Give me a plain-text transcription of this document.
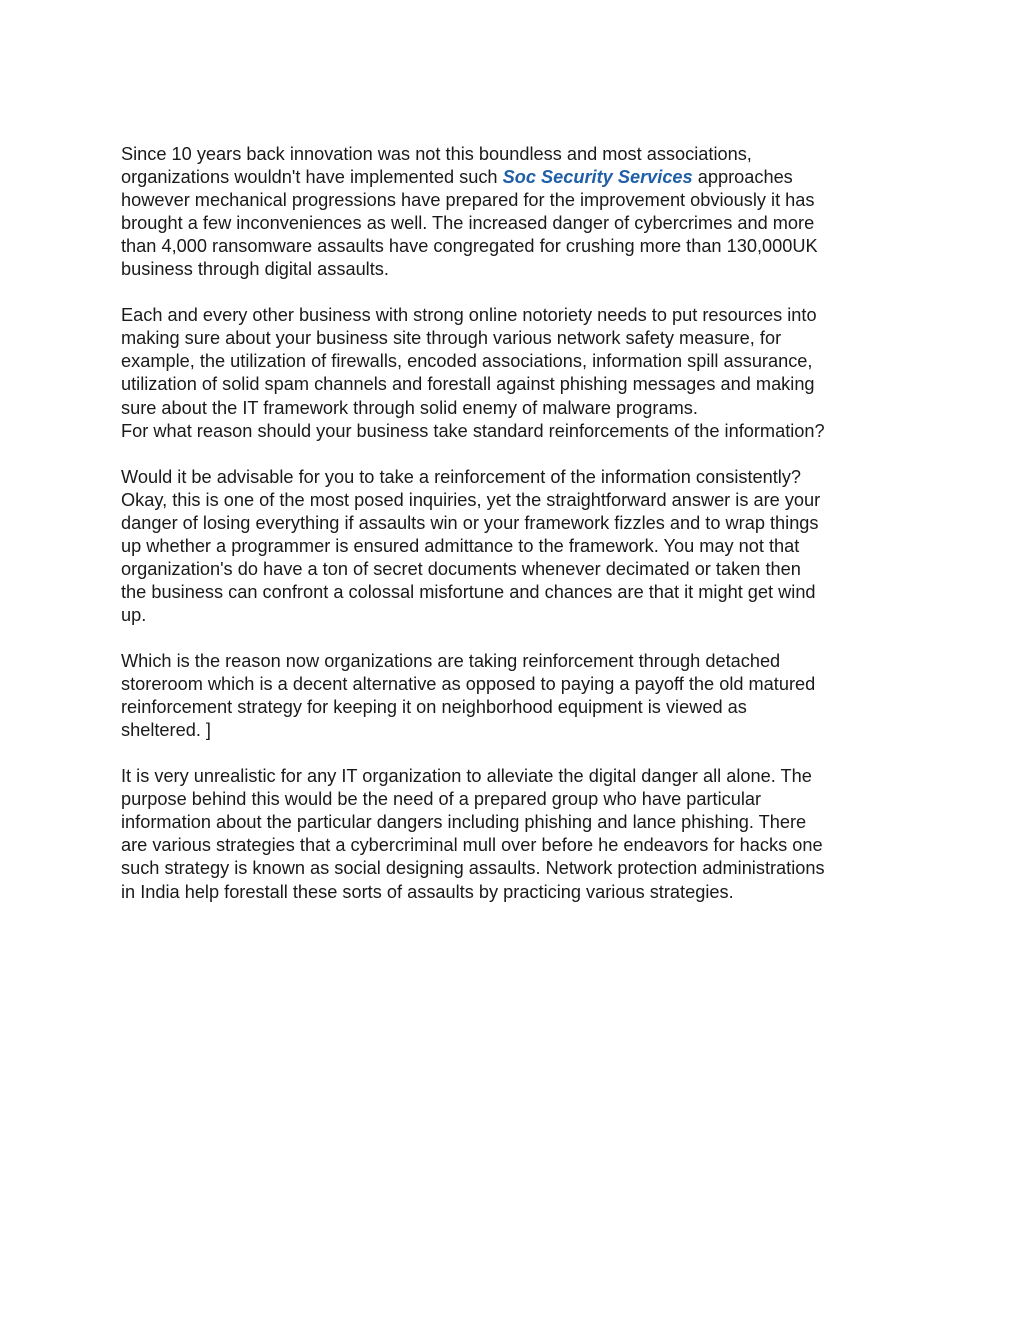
Since 10 years back innovation was not this boundless and most associations,
organizations wouldn't have implemented such Soc Security Services approaches
however mechanical progressions have prepared for the improvement obviously it has
brought a few inconveniences as well. The increased danger of cybercrimes and more
than 4,000 ransomware assaults have congregated for crushing more than 130,000UK
business through digital assaults.
Each and every other business with strong online notoriety needs to put resources into
making sure about your business site through various network safety measure, for
example, the utilization of firewalls, encoded associations, information spill assurance,
utilization of solid spam channels and forestall against phishing messages and making
sure about the IT framework through solid enemy of malware programs.
For what reason should your business take standard reinforcements of the information?
Would it be advisable for you to take a reinforcement of the information consistently?
Okay, this is one of the most posed inquiries, yet the straightforward answer is are your
danger of losing everything if assaults win or your framework fizzles and to wrap things
up whether a programmer is ensured admittance to the framework. You may not that
organization's do have a ton of secret documents whenever decimated or taken then
the business can confront a colossal misfortune and chances are that it might get wind
up.
Which is the reason now organizations are taking reinforcement through detached
storeroom which is a decent alternative as opposed to paying a payoff the old matured
reinforcement strategy for keeping it on neighborhood equipment is viewed as
sheltered. ]
It is very unrealistic for any IT organization to alleviate the digital danger all alone. The
purpose behind this would be the need of a prepared group who have particular
information about the particular dangers including phishing and lance phishing. There
are various strategies that a cybercriminal mull over before he endeavors for hacks one
such strategy is known as social designing assaults. Network protection administrations
in India help forestall these sorts of assaults by practicing various strategies.
